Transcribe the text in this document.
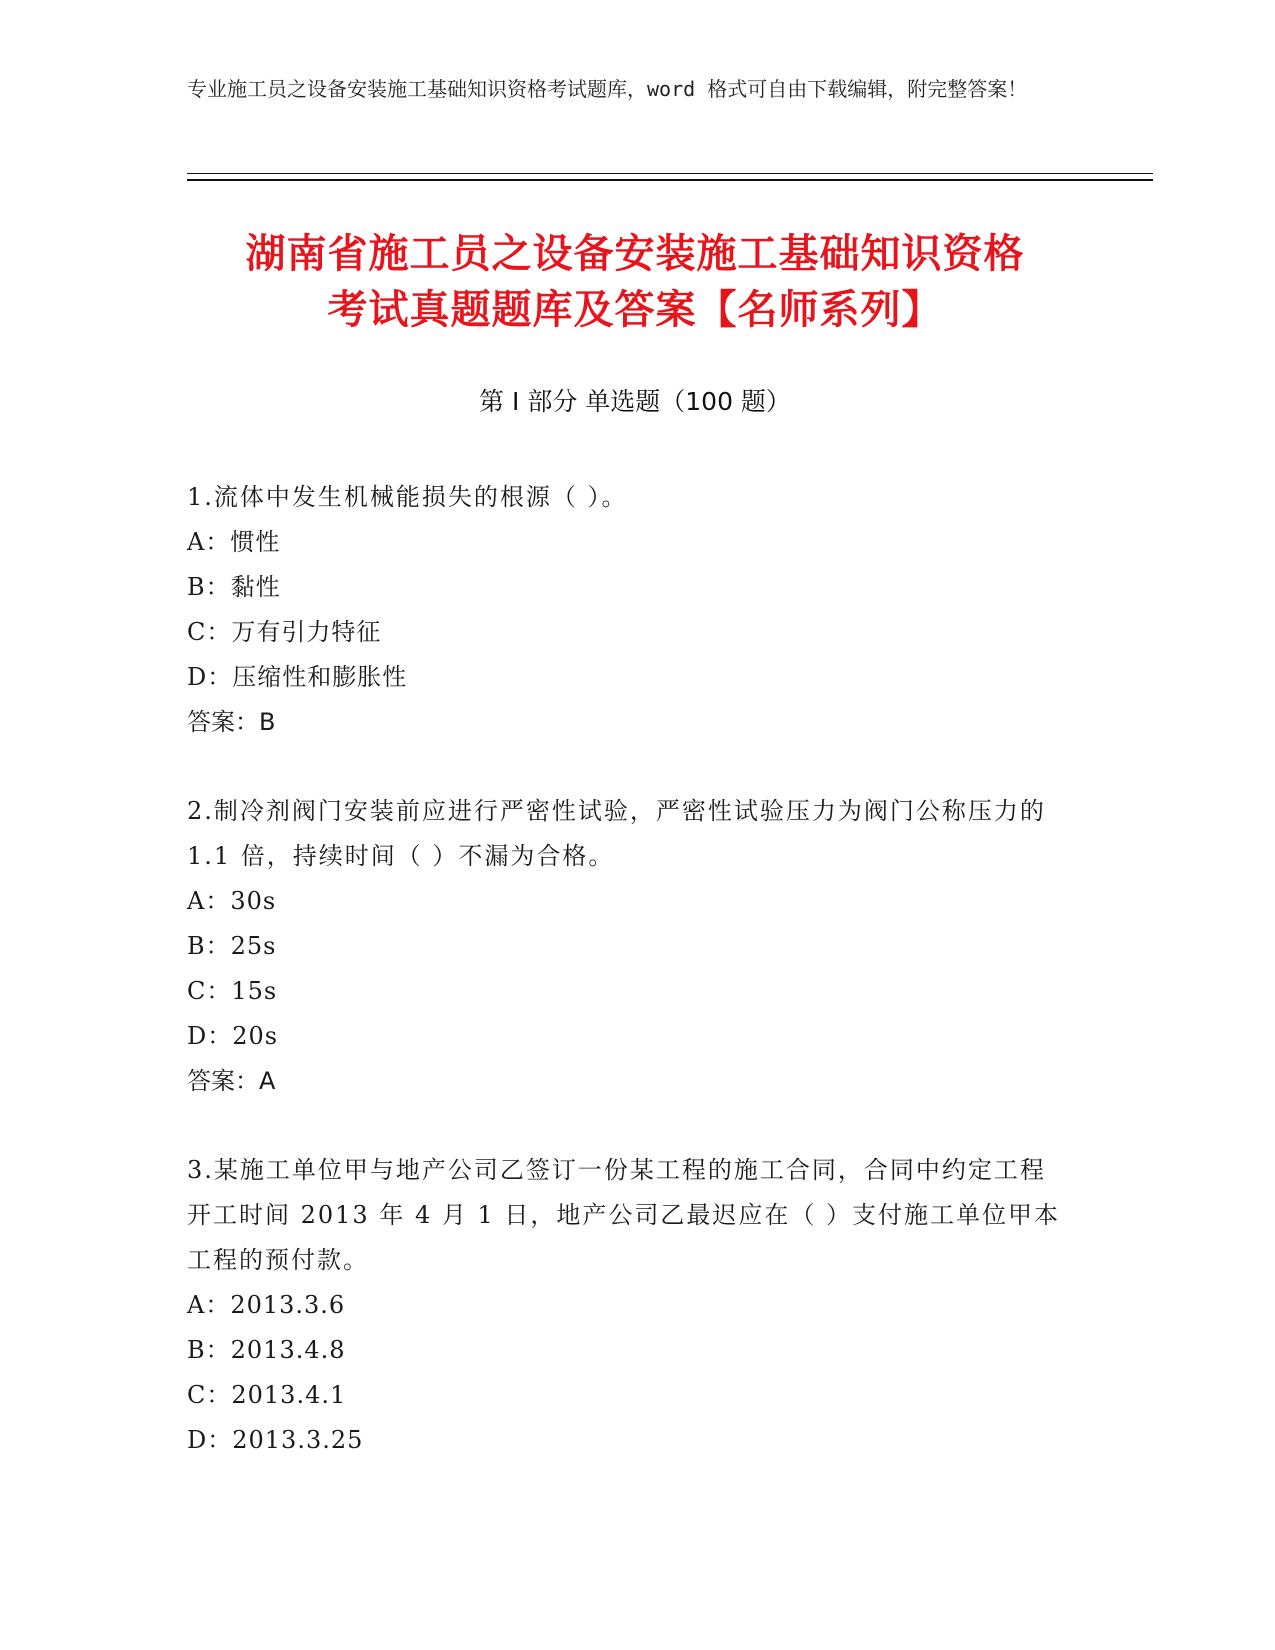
专业施工员之设备安装施工基础知识资格考试题库，word 格式可自由下载编辑，附完整答案！
湖南省施工员之设备安装施工基础知识资格
考试真题题库及答案【名师系列】
第 I 部分 单选题（100 题）
1.流体中发生机械能损失的根源（ ）。
A：惯性
B：黏性
C：万有引力特征
D：压缩性和膨胀性
答案：B
2.制冷剂阀门安装前应进行严密性试验，严密性试验压力为阀门公称压力的 1.1 倍，持续时间（ ）不漏为合格。
A：30s
B：25s
C：15s
D：20s
答案：A
3.某施工单位甲与地产公司乙签订一份某工程的施工合同，合同中约定工程开工时间 2013 年 4 月 1 日，地产公司乙最迟应在（ ）支付施工单位甲本工程的预付款。
A：2013.3.6
B：2013.4.8
C：2013.4.1
D：2013.3.25
